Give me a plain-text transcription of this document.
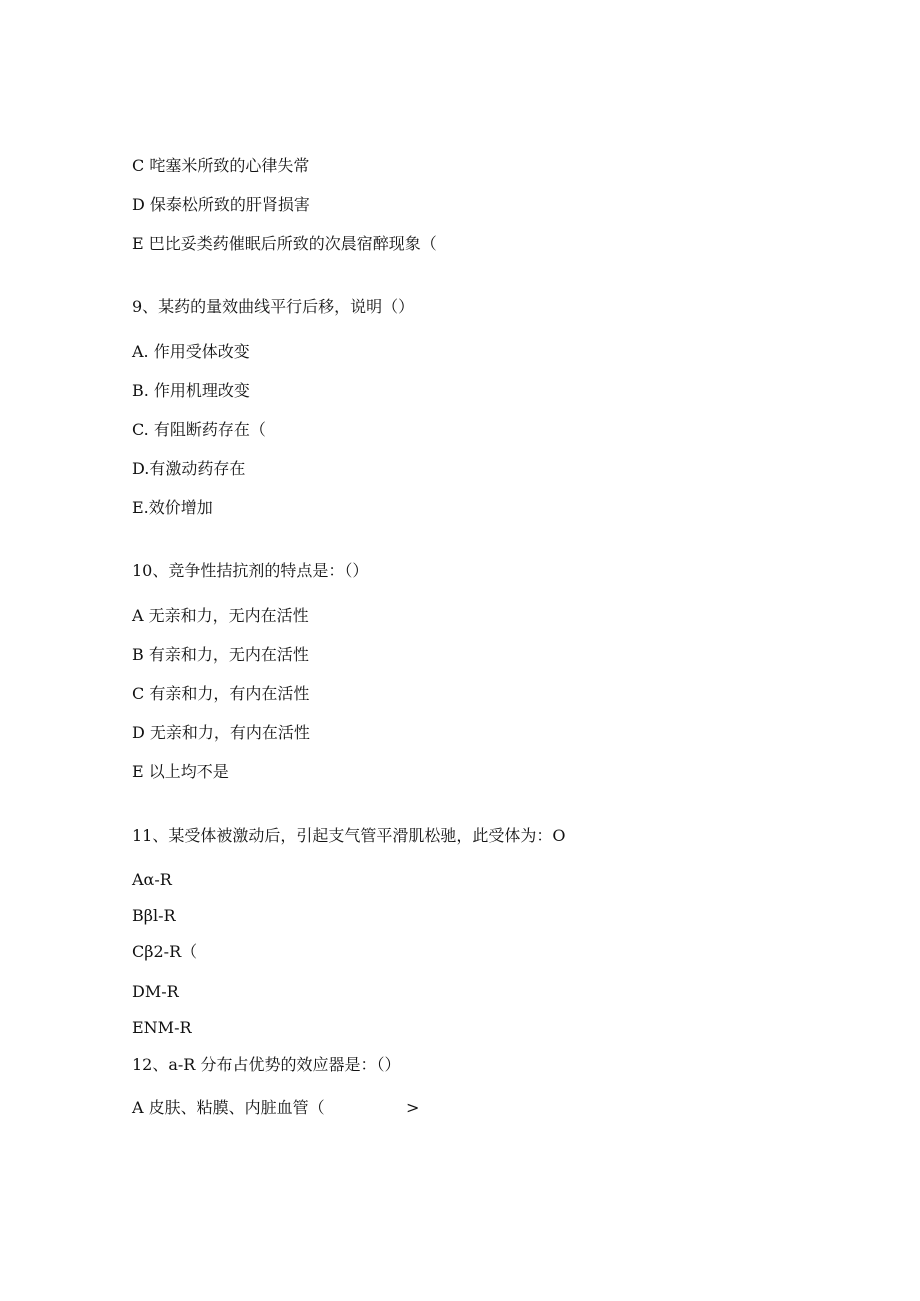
C 咤塞米所致的心律失常
D 保泰松所致的肝肾损害
E 巴比妥类药催眠后所致的次晨宿醉现象（
9、某药的量效曲线平行后移，说明（）
A. 作用受体改变
B. 作用机理改变
C. 有阻断药存在（
D.有激动药存在
E.效价增加
10、竞争性拮抗剂的特点是：（）
A 无亲和力，无内在活性
B 有亲和力，无内在活性
C 有亲和力，有内在活性
D 无亲和力，有内在活性
E 以上均不是
11、某受体被激动后，引起支气管平滑肌松驰，此受体为：O
Aα-R
Bβl-R
Cβ2-R（
DM-R
ENM-R
12、a-R 分布占优势的效应器是：（）
A 皮肤、粘膜、内脏血管（                >
